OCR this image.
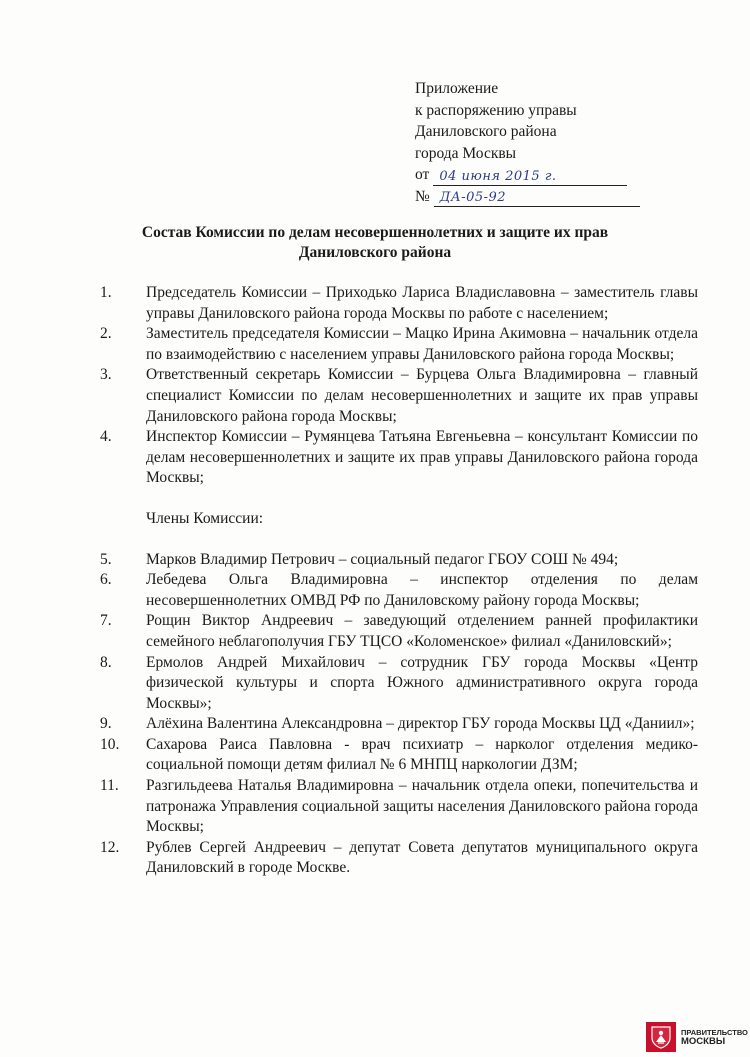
Приложение
к распоряжению управы
Даниловского района
города Москвы
от 04 июня 2015 г.
№ ДА-05-92
Состав Комиссии по делам несовершеннолетних и защите их прав
Даниловского района
1. Председатель Комиссии – Приходько Лариса Владиславовна – заместитель главы управы Даниловского района города Москвы по работе с населением;
2. Заместитель председателя Комиссии – Мацко Ирина Акимовна – начальник отдела по взаимодействию с населением управы Даниловского района города Москвы;
3. Ответственный секретарь Комиссии – Бурцева Ольга Владимировна – главный специалист Комиссии по делам несовершеннолетних и защите их прав управы Даниловского района города Москвы;
4. Инспектор Комиссии – Румянцева Татьяна Евгеньевна – консультант Комиссии по делам несовершеннолетних и защите их прав управы Даниловского района города Москвы;
Члены Комиссии:
5. Марков Владимир Петрович – социальный педагог ГБОУ СОШ № 494;
6. Лебедева Ольга Владимировна – инспектор отделения по делам несовершеннолетних ОМВД РФ по Даниловскому району города Москвы;
7. Рощин Виктор Андреевич – заведующий отделением ранней профилактики семейного неблагополучия ГБУ ТЦСО «Коломенское» филиал «Даниловский»;
8. Ермолов Андрей Михайлович – сотрудник ГБУ города Москвы «Центр физической культуры и спорта Южного административного округа города Москвы»;
9. Алёхина Валентина Александровна – директор ГБУ города Москвы ЦД «Даниил»;
10. Сахарова Раиса Павловна - врач психиатр – нарколог отделения медико-социальной помощи детям филиал № 6 МНПЦ наркологии ДЗМ;
11. Разгильдеева Наталья Владимировна – начальник отдела опеки, попечительства и патронажа Управления социальной защиты населения Даниловского района города Москвы;
12. Рублев Сергей Андреевич – депутат Совета депутатов муниципального округа Даниловский в городе Москве.
ПРАВИТЕЛЬСТВО
МОСКВЫ
